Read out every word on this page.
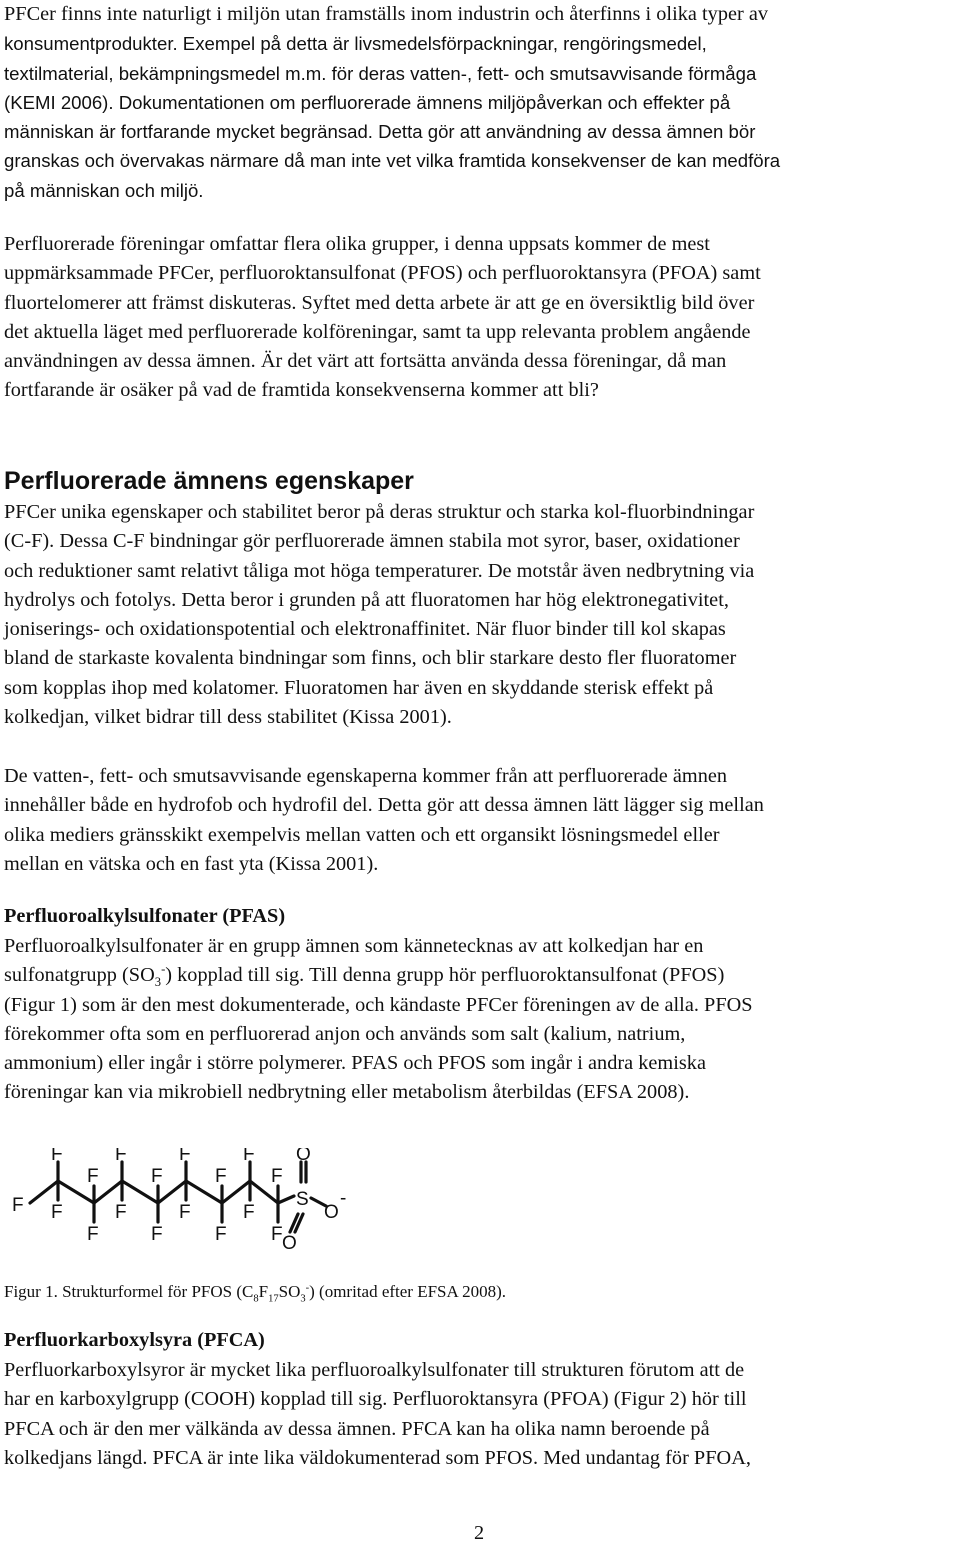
PFCer finns inte naturligt i miljön utan framställs inom industrin och återfinns i olika typer av
konsumentprodukter. Exempel på detta är livsmedelsförpackningar, rengöringsmedel,
textilmaterial, bekämpningsmedel m.m. för deras vatten-, fett- och smutsavvisande förmåga
(KEMI 2006). Dokumentationen om perfluorerade ämnens miljöpåverkan och effekter på
människan är fortfarande mycket begränsad. Detta gör att användning av dessa ämnen bör
granskas och övervakas närmare då man inte vet vilka framtida konsekvenser de kan medföra
på människan och miljö.
Perfluorerade föreningar omfattar flera olika grupper, i denna uppsats kommer de mest
uppmärksammade PFCer, perfluoroktansulfonat (PFOS) och perfluoroktansyra (PFOA) samt
fluortelomerer att främst diskuteras. Syftet med detta arbete är att ge en översiktlig bild över
det aktuella läget med perfluorerade kolföreningar, samt ta upp relevanta problem angående
användningen av dessa ämnen. Är det värt att fortsätta använda dessa föreningar, då man
fortfarande är osäker på vad de framtida konsekvenserna kommer att bli?
Perfluorerade ämnens egenskaper
PFCer unika egenskaper och stabilitet beror på deras struktur och starka kol-fluorbindningar
(C-F). Dessa C-F bindningar gör perfluorerade ämnen stabila mot syror, baser, oxidationer
och reduktioner samt relativt tåliga mot höga temperaturer. De motstår även nedbrytning via
hydrolys och fotolys. Detta beror i grunden på att fluoratomen har hög elektronegativitet,
joniserings- och oxidationspotential och elektronaffinitet. När fluor binder till kol skapas
bland de starkaste kovalenta bindningar som finns, och blir starkare desto fler fluoratomer
som kopplas ihop med kolatomer. Fluoratomen har även en skyddande sterisk effekt på
kolkedjan, vilket bidrar till dess stabilitet (Kissa 2001).
De vatten-, fett- och smutsavvisande egenskaperna kommer från att perfluorerade ämnen
innehåller både en hydrofob och hydrofil del. Detta gör att dessa ämnen lätt lägger sig mellan
olika mediers gränsskikt exempelvis mellan vatten och ett organsikt lösningsmedel eller
mellan en vätska och en fast yta (Kissa 2001).
Perfluoroalkylsulfonater (PFAS)
Perfluoroalkylsulfonater är en grupp ämnen som kännetecknas av att kolkedjan har en
sulfonatgrupp $(SO_3^-)$ kopplad till sig. Till denna grupp hör perfluoroktansulfonat (PFOS)
(Figur 1) som är den mest dokumenterade, och kändaste PFCer föreningen av de alla. PFOS
förekommer ofta som en perfluorerad anjon och används som salt (kalium, natrium,
ammonium) eller ingår i större polymerer. PFAS och PFOS som ingår i andra kemiska
föreningar kan via mikrobiell nedbrytning eller metabolism återbildas (EFSA 2008).
F
F
F
F
F
F
F
F
F
F
F
F
F
F
F
F
F
S
O
O
O
-
Figur 1. Strukturformel för PFOS $(C_8F_{17}SO_3^-)$ (omritad efter EFSA 2008).
Perfluorkarboxylsyra (PFCA)
Perfluorkarboxylsyror är mycket lika perfluoroalkylsulfonater till strukturen förutom att de
har en karboxylgrupp (COOH) kopplad till sig. Perfluoroktansyra (PFOA) (Figur 2) hör till
PFCA och är den mer välkända av dessa ämnen. PFCA kan ha olika namn beroende på
kolkedjans längd. PFCA är inte lika väldokumenterad som PFOS. Med undantag för PFOA,
2
